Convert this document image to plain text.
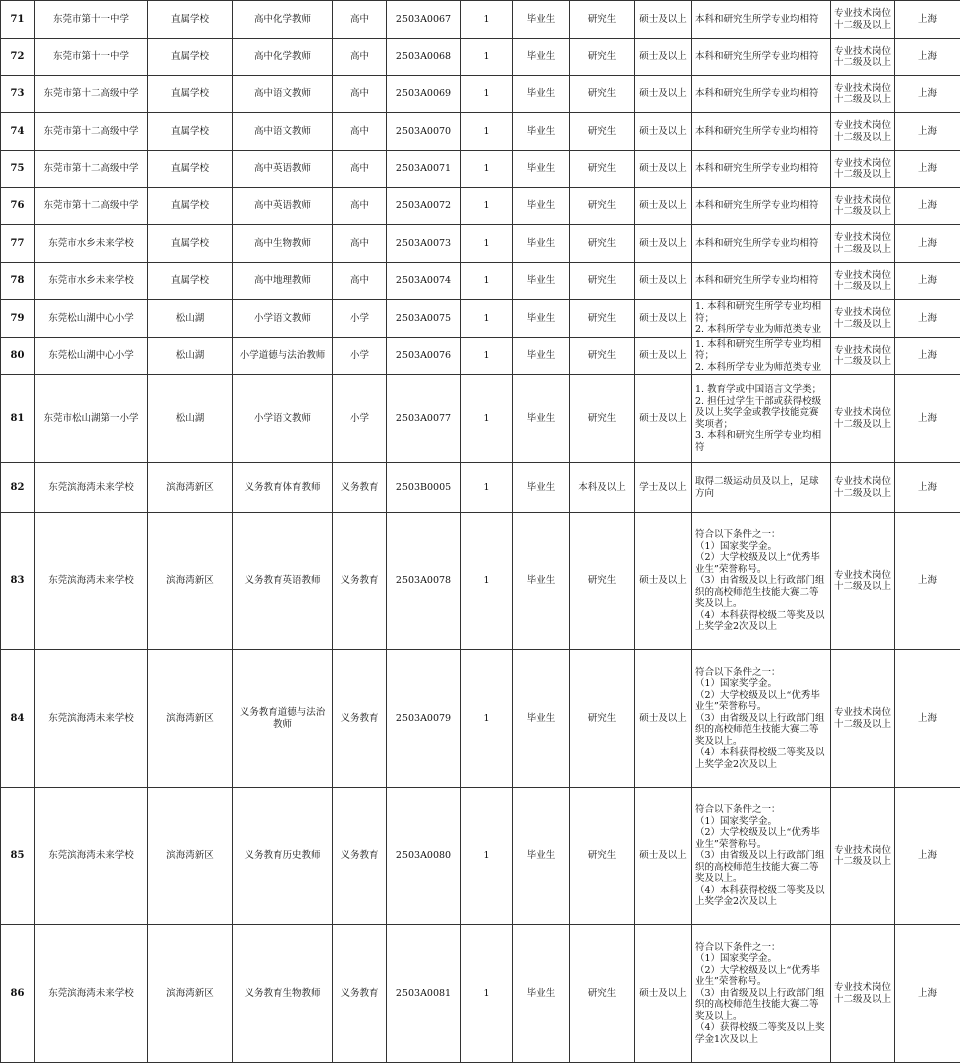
71	东莞市第十一中学	直属学校	高中化学教师	高中	2503A0067	1	毕业生	研究生	硕士及以上	本科和研究生所学专业均相符	专业技术岗位十二级及以上	上海
72	东莞市第十一中学	直属学校	高中化学教师	高中	2503A0068	1	毕业生	研究生	硕士及以上	本科和研究生所学专业均相符	专业技术岗位十二级及以上	上海
73	东莞市第十二高级中学	直属学校	高中语文教师	高中	2503A0069	1	毕业生	研究生	硕士及以上	本科和研究生所学专业均相符	专业技术岗位十二级及以上	上海
74	东莞市第十二高级中学	直属学校	高中语文教师	高中	2503A0070	1	毕业生	研究生	硕士及以上	本科和研究生所学专业均相符	专业技术岗位十二级及以上	上海
75	东莞市第十二高级中学	直属学校	高中英语教师	高中	2503A0071	1	毕业生	研究生	硕士及以上	本科和研究生所学专业均相符	专业技术岗位十二级及以上	上海
76	东莞市第十二高级中学	直属学校	高中英语教师	高中	2503A0072	1	毕业生	研究生	硕士及以上	本科和研究生所学专业均相符	专业技术岗位十二级及以上	上海
77	东莞市水乡未来学校	直属学校	高中生物教师	高中	2503A0073	1	毕业生	研究生	硕士及以上	本科和研究生所学专业均相符	专业技术岗位十二级及以上	上海
78	东莞市水乡未来学校	直属学校	高中地理教师	高中	2503A0074	1	毕业生	研究生	硕士及以上	本科和研究生所学专业均相符	专业技术岗位十二级及以上	上海
79	东莞松山湖中心小学	松山湖	小学语文教师	小学	2503A0075	1	毕业生	研究生	硕士及以上	1. 本科和研究生所学专业均相符；
2. 本科所学专业为师范类专业	专业技术岗位十二级及以上	上海
80	东莞松山湖中心小学	松山湖	小学道德与法治教师	小学	2503A0076	1	毕业生	研究生	硕士及以上	1. 本科和研究生所学专业均相符；
2. 本科所学专业为师范类专业	专业技术岗位十二级及以上	上海
81	东莞市松山湖第一小学	松山湖	小学语文教师	小学	2503A0077	1	毕业生	研究生	硕士及以上	1. 教育学或中国语言文学类；
2. 担任过学生干部或获得校级及以上奖学金或教学技能竞赛奖项者；
3. 本科和研究生所学专业均相符	专业技术岗位十二级及以上	上海
82	东莞滨海湾未来学校	滨海湾新区	义务教育体育教师	义务教育	2503B0005	1	毕业生	本科及以上	学士及以上	取得二级运动员及以上，足球方向	专业技术岗位十二级及以上	上海
83	东莞滨海湾未来学校	滨海湾新区	义务教育英语教师	义务教育	2503A0078	1	毕业生	研究生	硕士及以上	符合以下条件之一：
（1）国家奖学金。
（2）大学校级及以上“优秀毕业生”荣誉称号。
（3）由省级及以上行政部门组织的高校师范生技能大赛二等奖及以上。
（4）本科获得校级二等奖及以上奖学金2次及以上	专业技术岗位十二级及以上	上海
84	东莞滨海湾未来学校	滨海湾新区	义务教育道德与法治教师	义务教育	2503A0079	1	毕业生	研究生	硕士及以上	符合以下条件之一：
（1）国家奖学金。
（2）大学校级及以上“优秀毕业生”荣誉称号。
（3）由省级及以上行政部门组织的高校师范生技能大赛二等奖及以上。
（4）本科获得校级二等奖及以上奖学金2次及以上	专业技术岗位十二级及以上	上海
85	东莞滨海湾未来学校	滨海湾新区	义务教育历史教师	义务教育	2503A0080	1	毕业生	研究生	硕士及以上	符合以下条件之一：
（1）国家奖学金。
（2）大学校级及以上“优秀毕业生”荣誉称号。
（3）由省级及以上行政部门组织的高校师范生技能大赛二等奖及以上。
（4）本科获得校级二等奖及以上奖学金2次及以上	专业技术岗位十二级及以上	上海
86	东莞滨海湾未来学校	滨海湾新区	义务教育生物教师	义务教育	2503A0081	1	毕业生	研究生	硕士及以上	符合以下条件之一：
（1）国家奖学金。
（2）大学校级及以上“优秀毕业生”荣誉称号。
（3）由省级及以上行政部门组织的高校师范生技能大赛二等奖及以上。
（4）获得校级二等奖及以上奖学金1次及以上	专业技术岗位十二级及以上	上海
